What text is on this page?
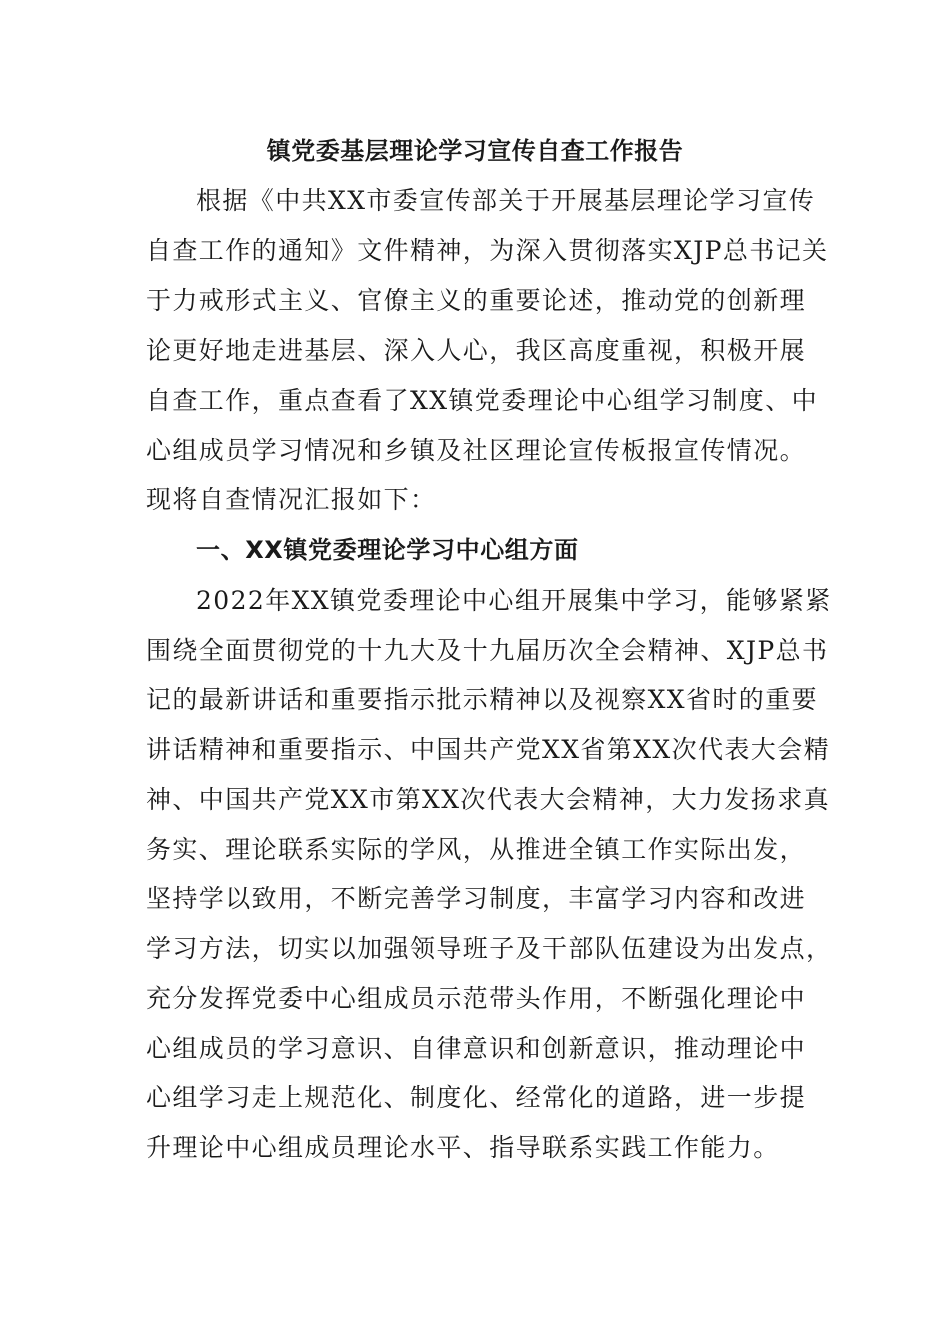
镇党委基层理论学习宣传自查工作报告
根据《中共XX市委宣传部关于开展基层理论学习宣传
自查工作的通知》文件精神，为深入贯彻落实XJP总书记关
于力戒形式主义、官僚主义的重要论述，推动党的创新理
论更好地走进基层、深入人心，我区高度重视，积极开展
自查工作，重点查看了XX镇党委理论中心组学习制度、中
心组成员学习情况和乡镇及社区理论宣传板报宣传情况。
现将自查情况汇报如下：
一、XX镇党委理论学习中心组方面
2022年XX镇党委理论中心组开展集中学习，能够紧紧
围绕全面贯彻党的十九大及十九届历次全会精神、XJP总书
记的最新讲话和重要指示批示精神以及视察XX省时的重要
讲话精神和重要指示、中国共产党XX省第XX次代表大会精
神、中国共产党XX市第XX次代表大会精神，大力发扬求真
务实、理论联系实际的学风，从推进全镇工作实际出发，
坚持学以致用，不断完善学习制度，丰富学习内容和改进
学习方法，切实以加强领导班子及干部队伍建设为出发点，
充分发挥党委中心组成员示范带头作用，不断强化理论中
心组成员的学习意识、自律意识和创新意识，推动理论中
心组学习走上规范化、制度化、经常化的道路，进一步提
升理论中心组成员理论水平、指导联系实践工作能力。
